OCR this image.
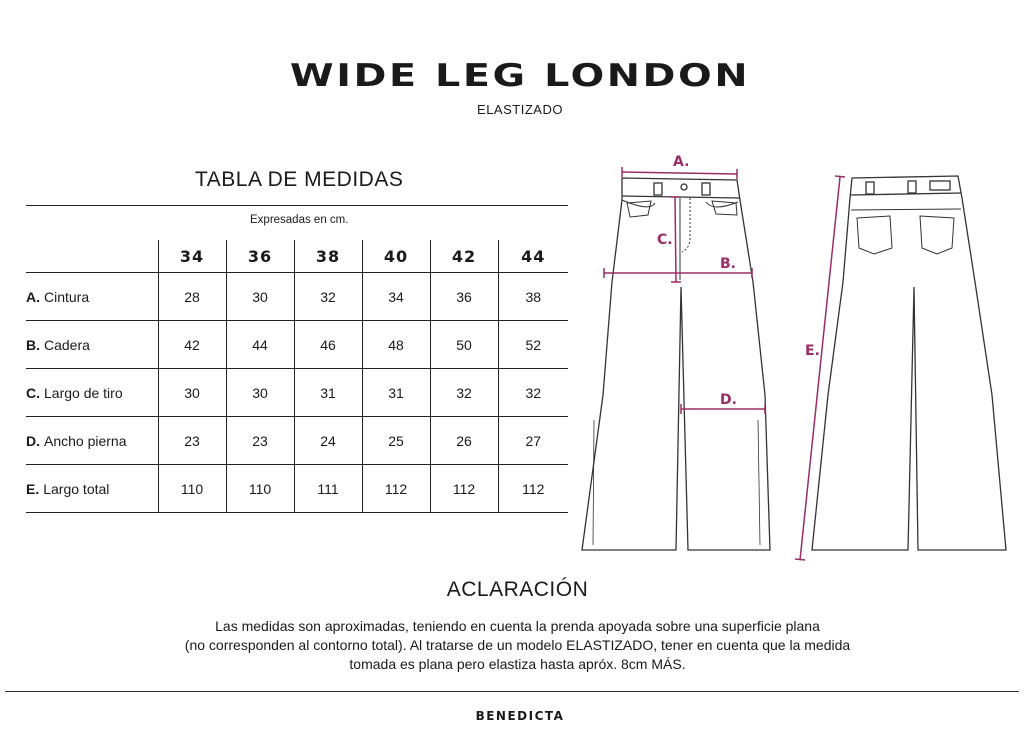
WIDE LEG LONDON
ELASTIZADO
TABLA DE MEDIDAS
Expresadas en cm.
	34	36	38	40	42	44
A. Cintura	28	30	32	34	36	38
B. Cadera	42	44	46	48	50	52
C. Largo de tiro	30	30	31	31	32	32
D. Ancho pierna	23	23	24	25	26	27
E. Largo total	110	110	111	112	112	112
A.
B.
C.
D.
E.
ACLARACIÓN
Las medidas son aproximadas, teniendo en cuenta la prenda apoyada sobre una superficie plana
(no corresponden al contorno total). Al tratarse de un modelo ELASTIZADO, tener en cuenta que la medida
tomada es plana pero elastiza hasta apróx. 8cm MÁS.
BENEDICTA
